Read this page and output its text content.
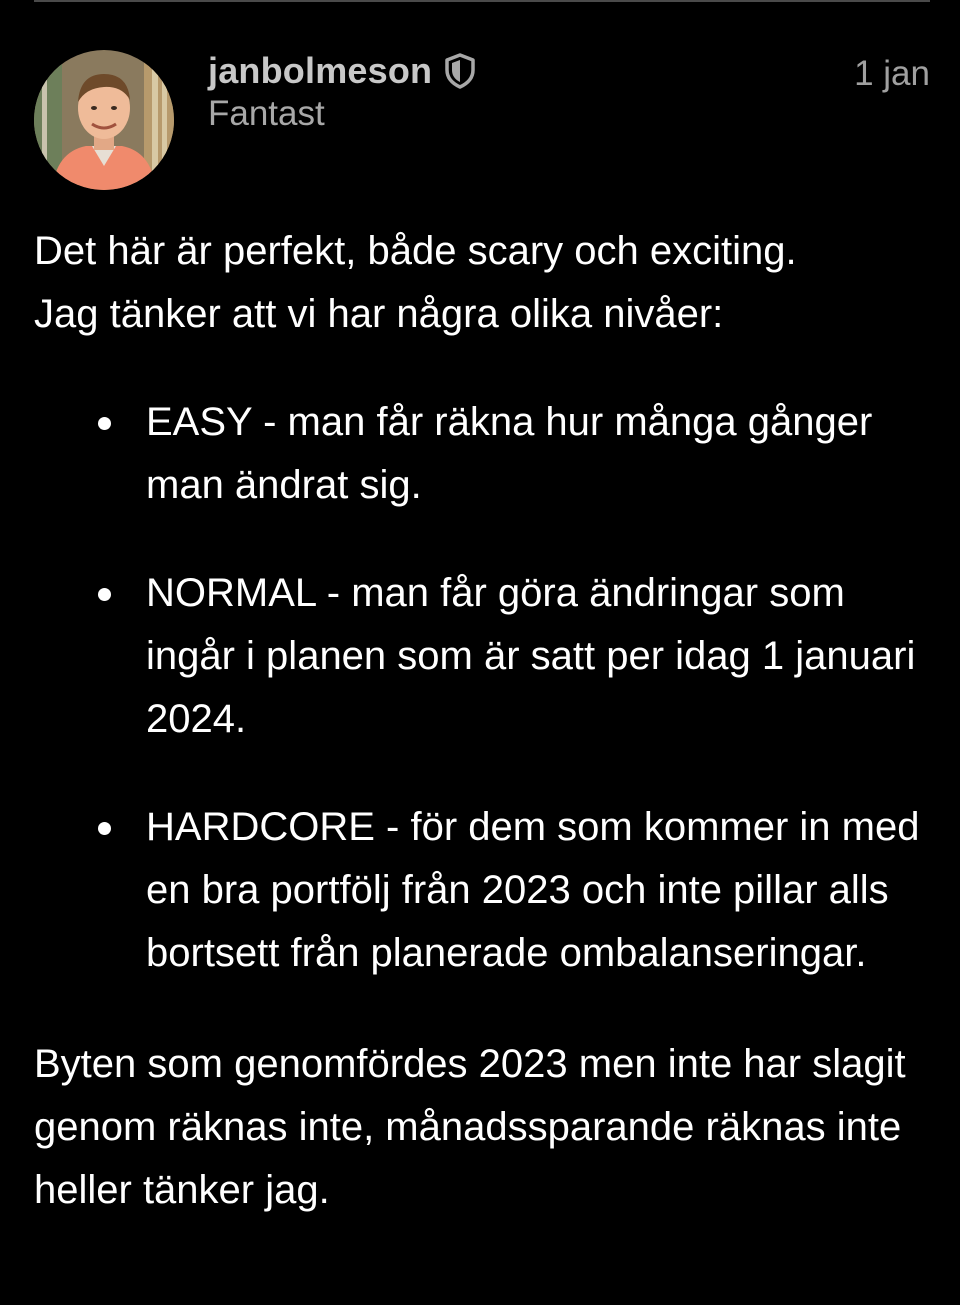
janbolmeson
Fantast
1 jan

Det här är perfekt, både scary och exciting.
Jag tänker att vi har några olika nivåer:

EASY - man får räkna hur många gånger man ändrat sig.
NORMAL - man får göra ändringar som ingår i planen som är satt per idag 1 januari 2024.
HARDCORE - för dem som kommer in med en bra portfölj från 2023 och inte pillar alls bortsett från planerade ombalanseringar.

Byten som genomfördes 2023 men inte har slagit genom räknas inte, månadssparande räknas inte heller tänker jag.
